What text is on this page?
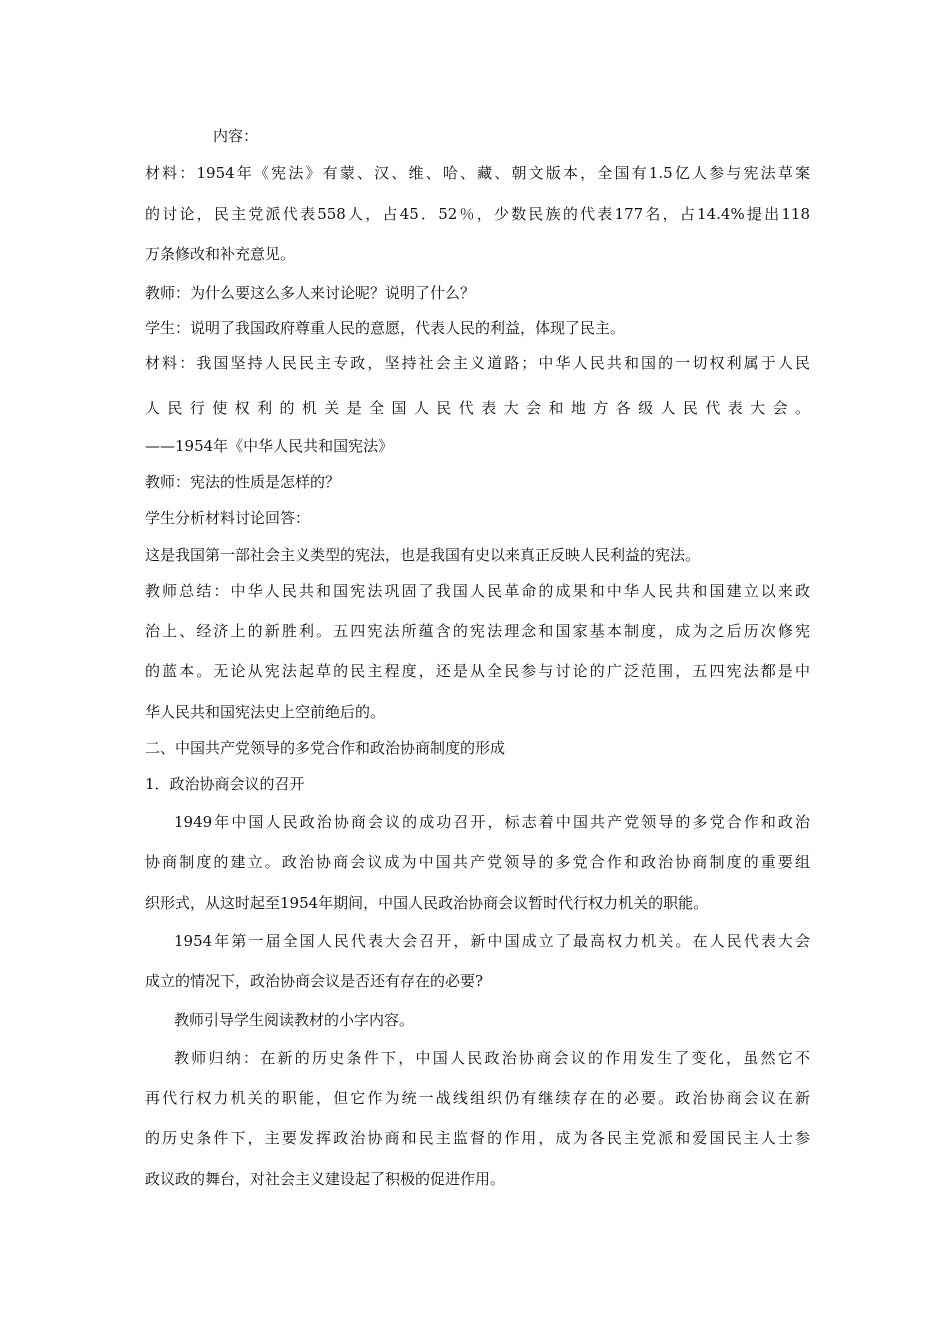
内容：
材料：1954年《宪法》有蒙、汉、维、哈、藏、朝文版本，全国有1.5亿人参与宪法草案
的讨论，民主党派代表558人，占45．52％，少数民族的代表177名，占14.4%提出118
万条修改和补充意见。
教师：为什么要这么多人来讨论呢？说明了什么？
学生：说明了我国政府尊重人民的意愿，代表人民的利益，体现了民主。
材料：我国坚持人民民主专政，坚持社会主义道路；中华人民共和国的一切权利属于人民
人民行使权利的机关是全国人民代表大会和地方各级人民代表大会。
——1954年《中华人民共和国宪法》
教师：宪法的性质是怎样的？
学生分析材料讨论回答：
这是我国第一部社会主义类型的宪法，也是我国有史以来真正反映人民利益的宪法。
教师总结：中华人民共和国宪法巩固了我国人民革命的成果和中华人民共和国建立以来政
治上、经济上的新胜利。五四宪法所蕴含的宪法理念和国家基本制度，成为之后历次修宪
的蓝本。无论从宪法起草的民主程度，还是从全民参与讨论的广泛范围，五四宪法都是中
华人民共和国宪法史上空前绝后的。
二、中国共产党领导的多党合作和政治协商制度的形成
1．政治协商会议的召开
1949年中国人民政治协商会议的成功召开，标志着中国共产党领导的多党合作和政治
协商制度的建立。政治协商会议成为中国共产党领导的多党合作和政治协商制度的重要组
织形式，从这时起至1954年期间，中国人民政治协商会议暂时代行权力机关的职能。
1954年第一届全国人民代表大会召开，新中国成立了最高权力机关。在人民代表大会
成立的情况下，政治协商会议是否还有存在的必要?
教师引导学生阅读教材的小字内容。
教师归纳：在新的历史条件下，中国人民政治协商会议的作用发生了变化，虽然它不
再代行权力机关的职能，但它作为统一战线组织仍有继续存在的必要。政治协商会议在新
的历史条件下，主要发挥政治协商和民主监督的作用，成为各民主党派和爱国民主人士参
政议政的舞台，对社会主义建设起了积极的促进作用。
